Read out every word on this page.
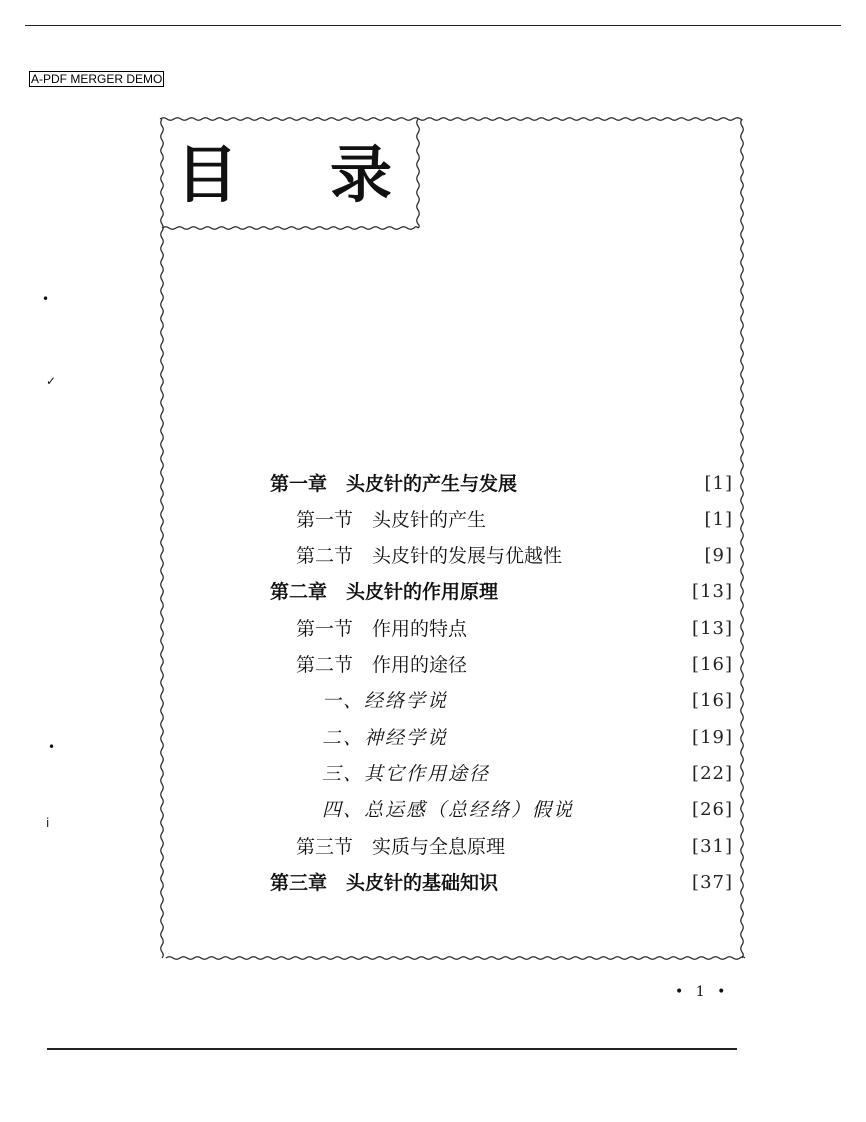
A-PDF MERGER DEMO
目 录
第一章　头皮针的产生与发展	[1]
第一节　头皮针的产生	[1]
第二节　头皮针的发展与优越性	[9]
第二章　头皮针的作用原理	[13]
第一节　作用的特点	[13]
第二节　作用的途径	[16]
一、经络学说	[16]
二、神经学说	[19]
三、其它作用途径	[22]
四、总运感（总经络）假说	[26]
第三节　实质与全息原理	[31]
第三章　头皮针的基础知识	[37]
• 1 •
•
✓
•
ⅰ
